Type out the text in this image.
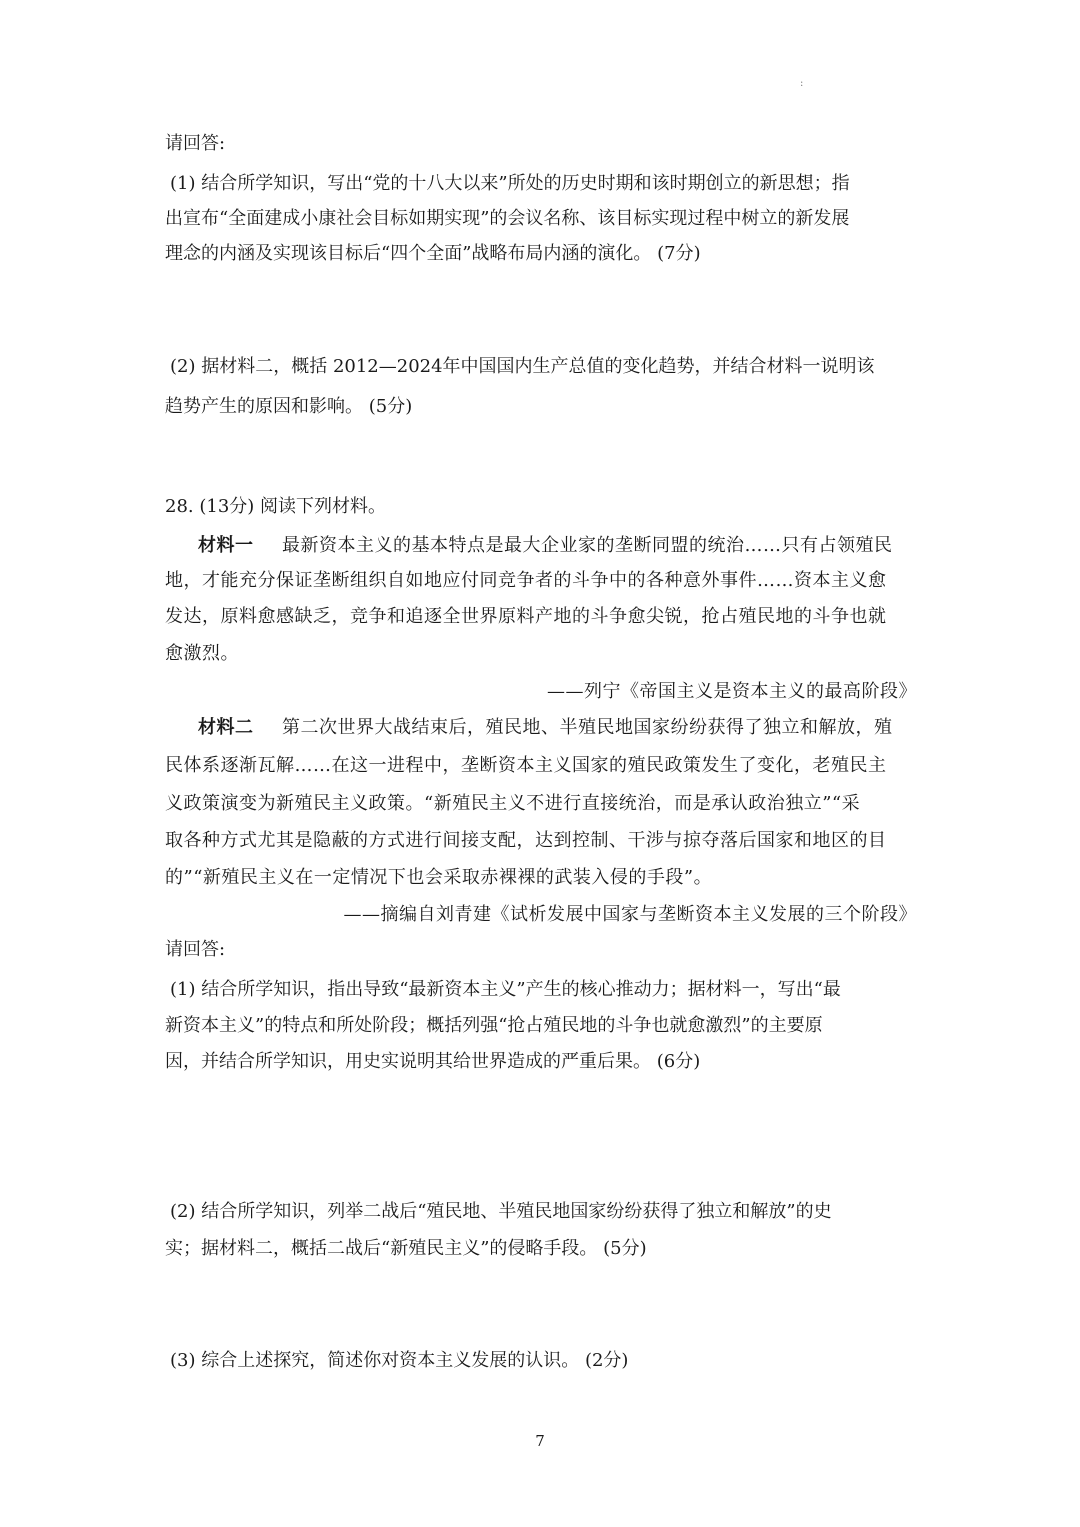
:
请回答:
(1) 结合所学知识，写出“党的十八大以来”所处的历史时期和该时期创立的新思想；指
出宣布“全面建成小康社会目标如期实现”的会议名称、该目标实现过程中树立的新发展
理念的内涵及实现该目标后“四个全面”战略布局内涵的演化。 (7分)
(2) 据材料二，概括 2012—2024年中国国内生产总值的变化趋势，并结合材料一说明该
趋势产生的原因和影响。 (5分)
28. (13分) 阅读下列材料。
材料一 最新资本主义的基本特点是最大企业家的垄断同盟的统治……只有占领殖民
地，才能充分保证垄断组织自如地应付同竞争者的斗争中的各种意外事件……资本主义愈
发达，原料愈感缺乏，竞争和追逐全世界原料产地的斗争愈尖锐，抢占殖民地的斗争也就
愈激烈。
——列宁《帝国主义是资本主义的最高阶段》
材料二 第二次世界大战结束后，殖民地、半殖民地国家纷纷获得了独立和解放，殖
民体系逐渐瓦解……在这一进程中，垄断资本主义国家的殖民政策发生了变化，老殖民主
义政策演变为新殖民主义政策。“新殖民主义不进行直接统治，而是承认政治独立”“采
取各种方式尤其是隐蔽的方式进行间接支配，达到控制、干涉与掠夺落后国家和地区的目
的”“新殖民主义在一定情况下也会采取赤裸裸的武装入侵的手段”。
——摘编自刘青建《试析发展中国家与垄断资本主义发展的三个阶段》
请回答:
(1) 结合所学知识，指出导致“最新资本主义”产生的核心推动力；据材料一，写出“最
新资本主义”的特点和所处阶段；概括列强“抢占殖民地的斗争也就愈激烈”的主要原
因，并结合所学知识，用史实说明其给世界造成的严重后果。 (6分)
(2) 结合所学知识，列举二战后“殖民地、半殖民地国家纷纷获得了独立和解放”的史
实；据材料二，概括二战后“新殖民主义”的侵略手段。 (5分)
(3) 综合上述探究，简述你对资本主义发展的认识。 (2分)
7
